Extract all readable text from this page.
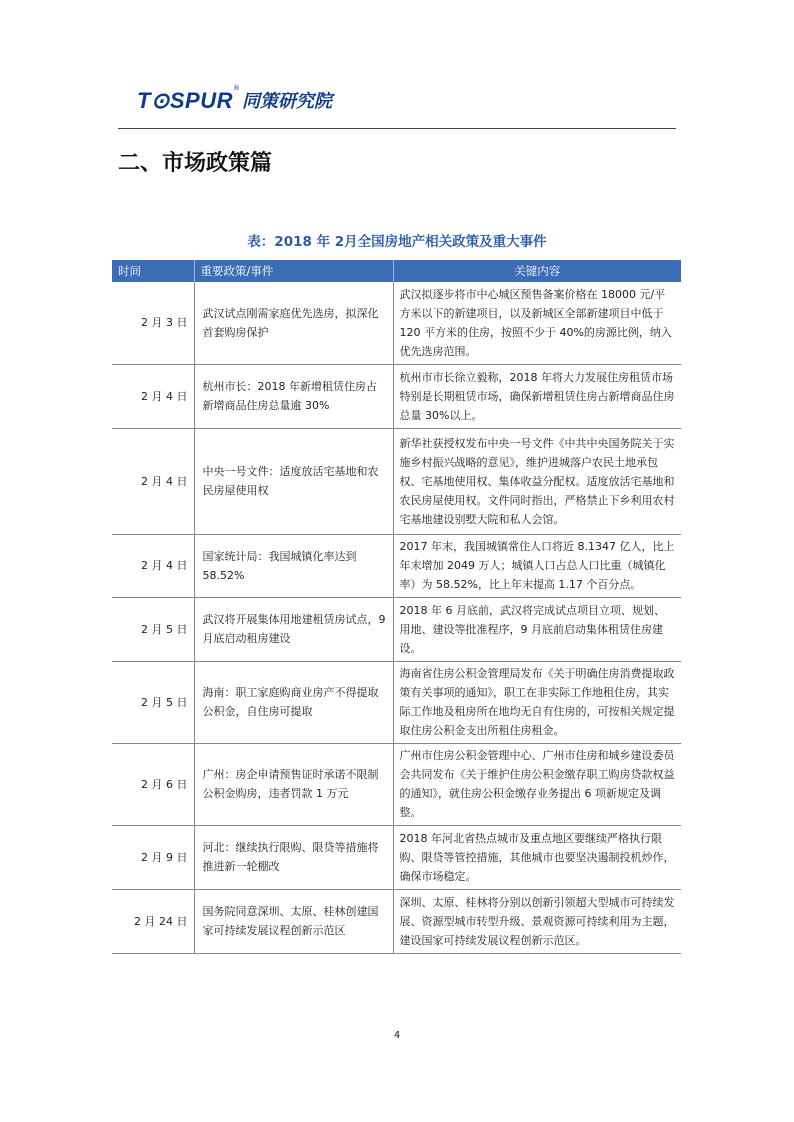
T⊙SPUR ®
同策研究院
二、市场政策篇
表：2018 年 2月全国房地产相关政策及重大事件
时间	重要政策/事件	关键内容
2 月 3 日	武汉试点刚需家庭优先选房，拟深化首套购房保护	武汉拟逐步将市中心城区预售备案价格在 18000 元/平方米以下的新建项目，以及新城区全部新建项目中低于 120 平方米的住房，按照不少于 40%的房源比例，纳入优先选房范围。
2 月 4 日	杭州市长：2018 年新增租赁住房占新增商品住房总量逾 30%	杭州市市长徐立毅称，2018 年将大力发展住房租赁市场特别是长期租赁市场，确保新增租赁住房占新增商品住房总量 30%以上。
2 月 4 日	中央一号文件：适度放活宅基地和农民房屋使用权	新华社获授权发布中央一号文件《中共中央国务院关于实施乡村振兴战略的意见》，维护进城落户农民土地承包权、宅基地使用权、集体收益分配权。适度放活宅基地和农民房屋使用权。文件同时指出，严格禁止下乡利用农村宅基地建设别墅大院和私人会馆。
2 月 4 日	国家统计局：我国城镇化率达到 58.52%	2017 年末，我国城镇常住人口将近 8.1347 亿人，比上年末增加 2049 万人；城镇人口占总人口比重（城镇化率）为 58.52%，比上年末提高 1.17 个百分点。
2 月 5 日	武汉将开展集体用地建租赁房试点，9 月底启动租房建设	2018 年 6 月底前，武汉将完成试点项目立项、规划、用地、建设等批准程序，9 月底前启动集体租赁住房建设。
2 月 5 日	海南：职工家庭购商业房产不得提取公积金，自住房可提取	海南省住房公积金管理局发布《关于明确住房消费提取政策有关事项的通知》，职工在非实际工作地租住房，其实际工作地及租房所在地均无自有住房的，可按相关规定提取住房公积金支出所租住房租金。
2 月 6 日	广州：房企申请预售证时承诺不限制公积金购房，违者罚款 1 万元	广州市住房公积金管理中心、广州市住房和城乡建设委员会共同发布《关于维护住房公积金缴存职工购房贷款权益的通知》，就住房公积金缴存业务提出 6 项新规定及调整。
2 月 9 日	河北：继续执行限购、限贷等措施将推进新一轮棚改	2018 年河北省热点城市及重点地区要继续严格执行限购、限贷等管控措施，其他城市也要坚决遏制投机炒作，确保市场稳定。
2 月 24 日	国务院同意深圳、太原、桂林创建国家可持续发展议程创新示范区	深圳、太原、桂林将分别以创新引领超大型城市可持续发展、资源型城市转型升级、景观资源可持续利用为主题，建设国家可持续发展议程创新示范区。
4
